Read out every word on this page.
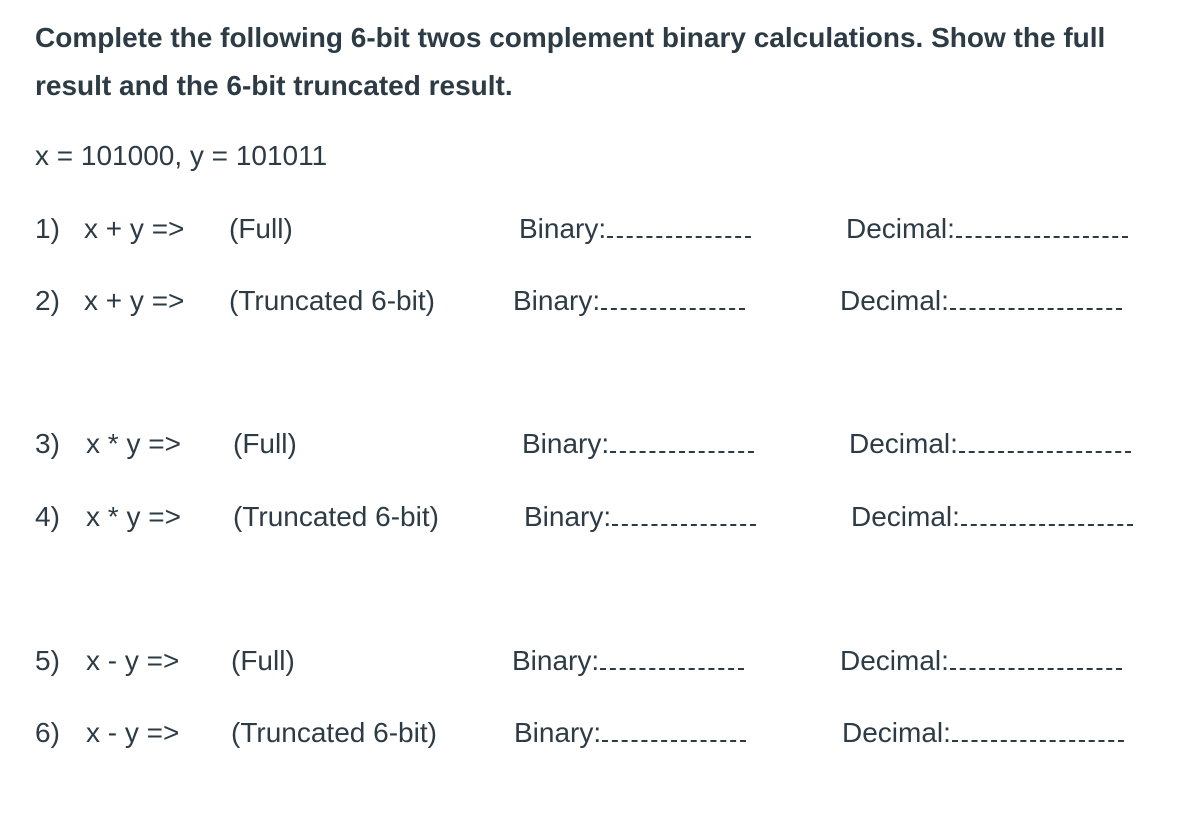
Complete the following 6-bit twos complement binary calculations. Show the full result and the 6-bit truncated result.
x = 101000, y = 101011
1) x + y => (Full)	Binary:	Decimal:
2) x + y => (Truncated 6-bit)	Binary:	Decimal:
3) x * y => (Full)	Binary:	Decimal:
4) x * y => (Truncated 6-bit)	Binary:	Decimal:
5) x - y => (Full)	Binary:	Decimal:
6) x - y => (Truncated 6-bit)	Binary:	Decimal:
